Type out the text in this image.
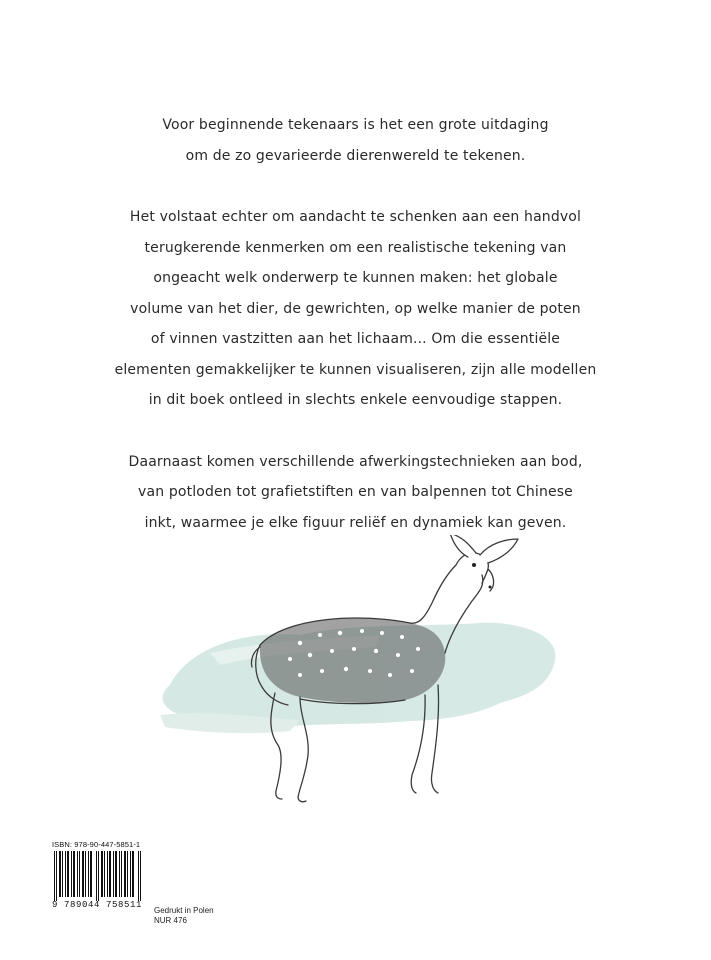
Voor beginnende tekenaars is het een grote uitdaging
om de zo gevarieerde dierenwereld te tekenen.

Het volstaat echter om aandacht te schenken aan een handvol
terugkerende kenmerken om een realistische tekening van
ongeacht welk onderwerp te kunnen maken: het globale
volume van het dier, de gewrichten, op welke manier de poten
of vinnen vastzitten aan het lichaam... Om die essentiële
elementen gemakkelijker te kunnen visualiseren, zijn alle modellen
in dit boek ontleed in slechts enkele eenvoudige stappen.

Daarnaast komen verschillende afwerkingstechnieken aan bod,
van potloden tot grafietstiften en van balpennen tot Chinese
inkt, waarmee je elke figuur reliëf en dynamiek kan geven.

ISBN: 978-90-447-5851-1
9 789044 758511
Gedrukt in Polen
NUR 476
